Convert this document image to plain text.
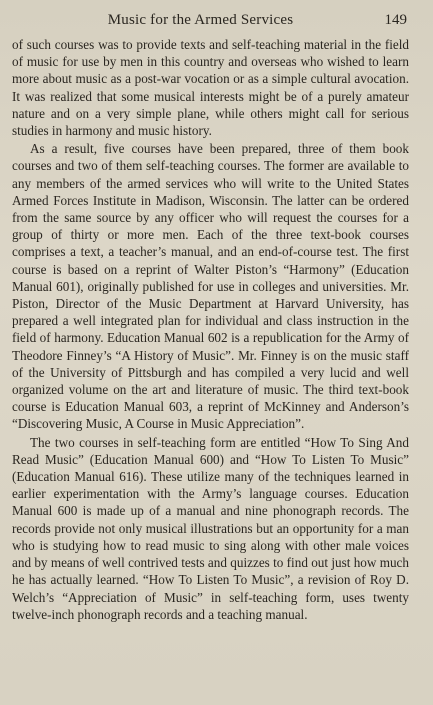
Music for the Armed Services	149

of such courses was to provide texts and self-teaching material in the field of music for use by men in this country and overseas who wished to learn more about music as a post-war vocation or as a simple cultural avocation. It was realized that some musical interests might be of a purely amateur nature and on a very simple plane, while others might call for serious studies in harmony and music history.

As a result, five courses have been prepared, three of them book courses and two of them self-teaching courses. The former are available to any members of the armed services who will write to the United States Armed Forces Institute in Madison, Wisconsin. The latter can be ordered from the same source by any officer who will request the courses for a group of thirty or more men. Each of the three text-book courses comprises a text, a teacher’s manual, and an end-of-course test. The first course is based on a reprint of Walter Piston’s “Harmony” (Education Manual 601), originally published for use in colleges and universities. Mr. Piston, Director of the Music Department at Harvard University, has prepared a well integrated plan for individual and class instruction in the field of harmony. Education Manual 602 is a republication for the Army of Theodore Finney’s “A History of Music”. Mr. Finney is on the music staff of the University of Pittsburgh and has compiled a very lucid and well organized volume on the art and literature of music. The third text-book course is Education Manual 603, a reprint of McKinney and Anderson’s “Discovering Music, A Course in Music Appreciation”.

The two courses in self-teaching form are entitled “How To Sing And Read Music” (Education Manual 600) and “How To Listen To Music” (Education Manual 616). These utilize many of the techniques learned in earlier experimentation with the Army’s language courses. Education Manual 600 is made up of a manual and nine phonograph records. The records provide not only musical illustrations but an opportunity for a man who is studying how to read music to sing along with other male voices and by means of well contrived tests and quizzes to find out just how much he has actually learned. “How To Listen To Music”, a revision of Roy D. Welch’s “Appreciation of Music” in self-teaching form, uses twenty twelve-inch phonograph records and a teaching manual.
